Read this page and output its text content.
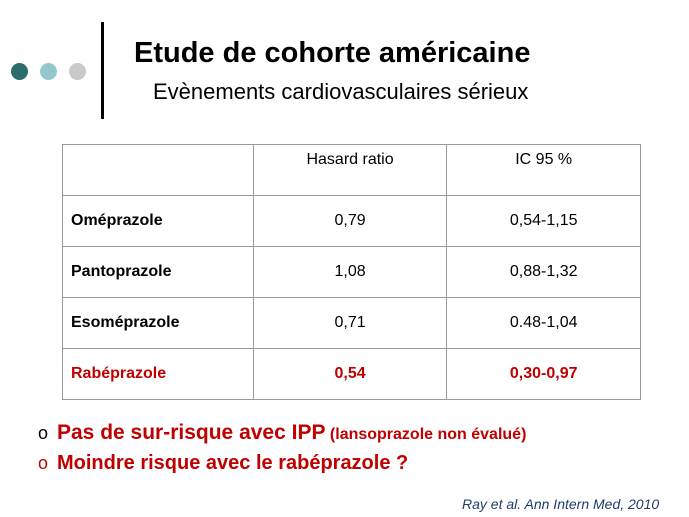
Etude de cohorte américaine

Evènements cardiovasculaires sérieux

	Hasard ratio	IC 95 %
Oméprazole	0,79	0,54-1,15
Pantoprazole	1,08	0,88-1,32
Esoméprazole	0,71	0.48-1,04
Rabéprazole	0,54	0,30-0,97
o Pas de sur-risque avec IPP (lansoprazole non évalué)
o Moindre risque avec le rabéprazole ?

Ray et al. Ann Intern Med, 2010
